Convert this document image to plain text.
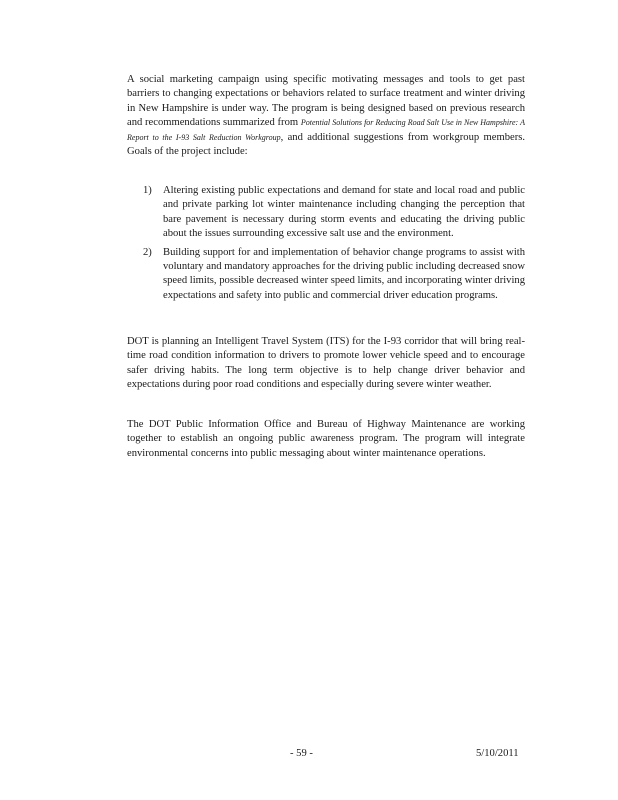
A social marketing campaign using specific motivating messages and tools to get past barriers to changing expectations or behaviors related to surface treatment and winter driving in New Hampshire is under way. The program is being designed based on previous research and recommendations summarized from Potential Solutions for Reducing Road Salt Use in New Hampshire: A Report to the I-93 Salt Reduction Workgroup, and additional suggestions from workgroup members. Goals of the project include:

1) Altering existing public expectations and demand for state and local road and public and private parking lot winter maintenance including changing the perception that bare pavement is necessary during storm events and educating the driving public about the issues surrounding excessive salt use and the environment.
2) Building support for and implementation of behavior change programs to assist with voluntary and mandatory approaches for the driving public including decreased snow speed limits, possible decreased winter speed limits, and incorporating winter driving expectations and safety into public and commercial driver education programs.

DOT is planning an Intelligent Travel System (ITS) for the I-93 corridor that will bring real-time road condition information to drivers to promote lower vehicle speed and to encourage safer driving habits. The long term objective is to help change driver behavior and expectations during poor road conditions and especially during severe winter weather.

The DOT Public Information Office and Bureau of Highway Maintenance are working together to establish an ongoing public awareness program. The program will integrate environmental concerns into public messaging about winter maintenance operations.

- 59 -	5/10/2011
